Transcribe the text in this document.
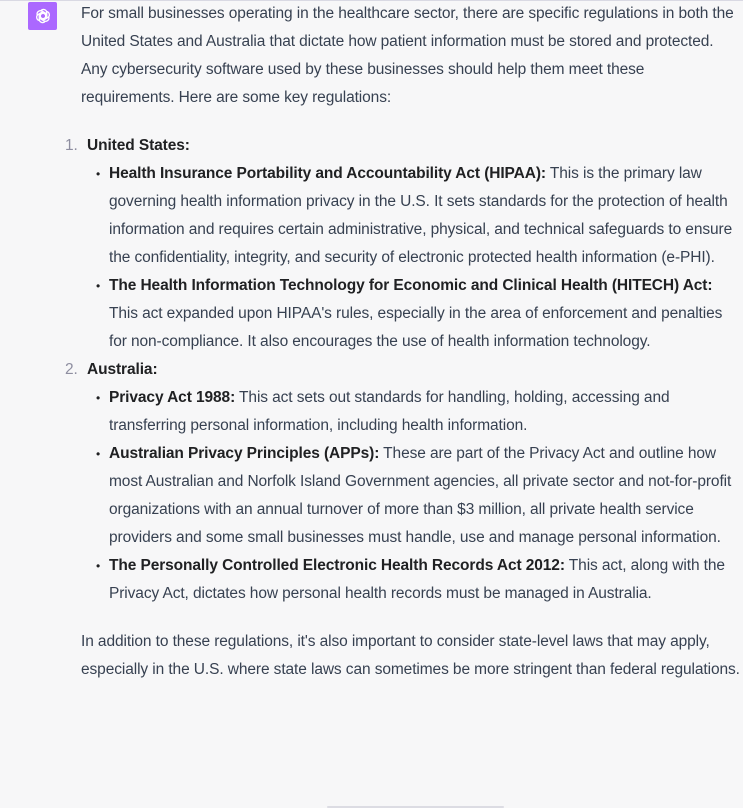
For small businesses operating in the healthcare sector, there are specific regulations in both the United States and Australia that dictate how patient information must be stored and protected. Any cybersecurity software used by these businesses should help them meet these requirements. Here are some key regulations:

1. United States:
• Health Insurance Portability and Accountability Act (HIPAA): This is the primary law governing health information privacy in the U.S. It sets standards for the protection of health information and requires certain administrative, physical, and technical safeguards to ensure the confidentiality, integrity, and security of electronic protected health information (e-PHI).
• The Health Information Technology for Economic and Clinical Health (HITECH) Act: This act expanded upon HIPAA's rules, especially in the area of enforcement and penalties for non-compliance. It also encourages the use of health information technology.
2. Australia:
• Privacy Act 1988: This act sets out standards for handling, holding, accessing and transferring personal information, including health information.
• Australian Privacy Principles (APPs): These are part of the Privacy Act and outline how most Australian and Norfolk Island Government agencies, all private sector and not-for-profit organizations with an annual turnover of more than $3 million, all private health service providers and some small businesses must handle, use and manage personal information.
• The Personally Controlled Electronic Health Records Act 2012: This act, along with the Privacy Act, dictates how personal health records must be managed in Australia.

In addition to these regulations, it's also important to consider state-level laws that may apply, especially in the U.S. where state laws can sometimes be more stringent than federal regulations.
